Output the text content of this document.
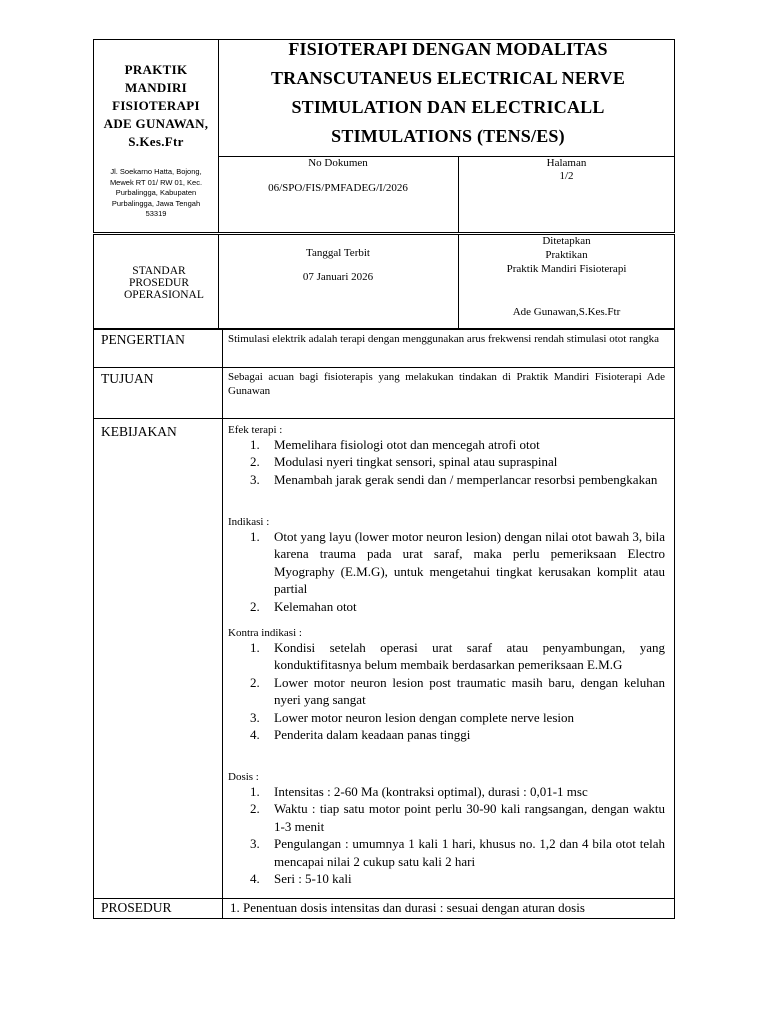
PRAKTIK MANDIRI FISIOTERAPI ADE GUNAWAN, S.Kes.Ftr
Jl. Soekarno Hatta, Bojong, Mewek RT 01/ RW 01, Kec. Purbalingga, Kabupaten Purbalingga, Jawa Tengah 53319
FISIOTERAPI DENGAN MODALITAS TRANSCUTANEUS ELECTRICAL NERVE STIMULATION DAN ELECTRICALL STIMULATIONS (TENS/ES)
No Dokumen
06/SPO/FIS/PMFADEG/I/2026
Halaman
1/2
STANDAR PROSEDUR OPERASIONAL
Tanggal Terbit
07 Januari 2026
Ditetapkan
Praktikan
Praktik Mandiri Fisioterapi
Ade Gunawan,S.Kes.Ftr
PENGERTIAN	Stimulasi elektrik adalah terapi dengan menggunakan arus frekwensi rendah stimulasi otot rangka
TUJUAN	Sebagai acuan bagi fisioterapis yang melakukan tindakan di Praktik Mandiri Fisioterapi Ade Gunawan
KEBIJAKAN	Efek terapi :
1. Memelihara fisiologi otot dan mencegah atrofi otot
2. Modulasi nyeri tingkat sensori, spinal atau supraspinal
3. Menambah jarak gerak sendi dan / memperlancar resorbsi pembengkakan
Indikasi :
1. Otot yang layu (lower motor neuron lesion) dengan nilai otot bawah 3, bila karena trauma pada urat saraf, maka perlu pemeriksaan Electro Myography (E.M.G), untuk mengetahui tingkat kerusakan komplit atau partial
2. Kelemahan otot
Kontra indikasi :
1. Kondisi setelah operasi urat saraf atau penyambungan, yang konduktifitasnya belum membaik berdasarkan pemeriksaan E.M.G
2. Lower motor neuron lesion post traumatic masih baru, dengan keluhan nyeri yang sangat
3. Lower motor neuron lesion dengan complete nerve lesion
4. Penderita dalam keadaan panas tinggi
Dosis :
1. Intensitas : 2-60 Ma (kontraksi optimal), durasi : 0,01-1 msc
2. Waktu : tiap satu motor point perlu 30-90 kali rangsangan, dengan waktu 1-3 menit
3. Pengulangan : umumnya 1 kali 1 hari, khusus no. 1,2 dan 4 bila otot telah mencapai nilai 2 cukup satu kali 2 hari
4. Seri : 5-10 kali
PROSEDUR	1. Penentuan dosis intensitas dan durasi : sesuai dengan aturan dosis
